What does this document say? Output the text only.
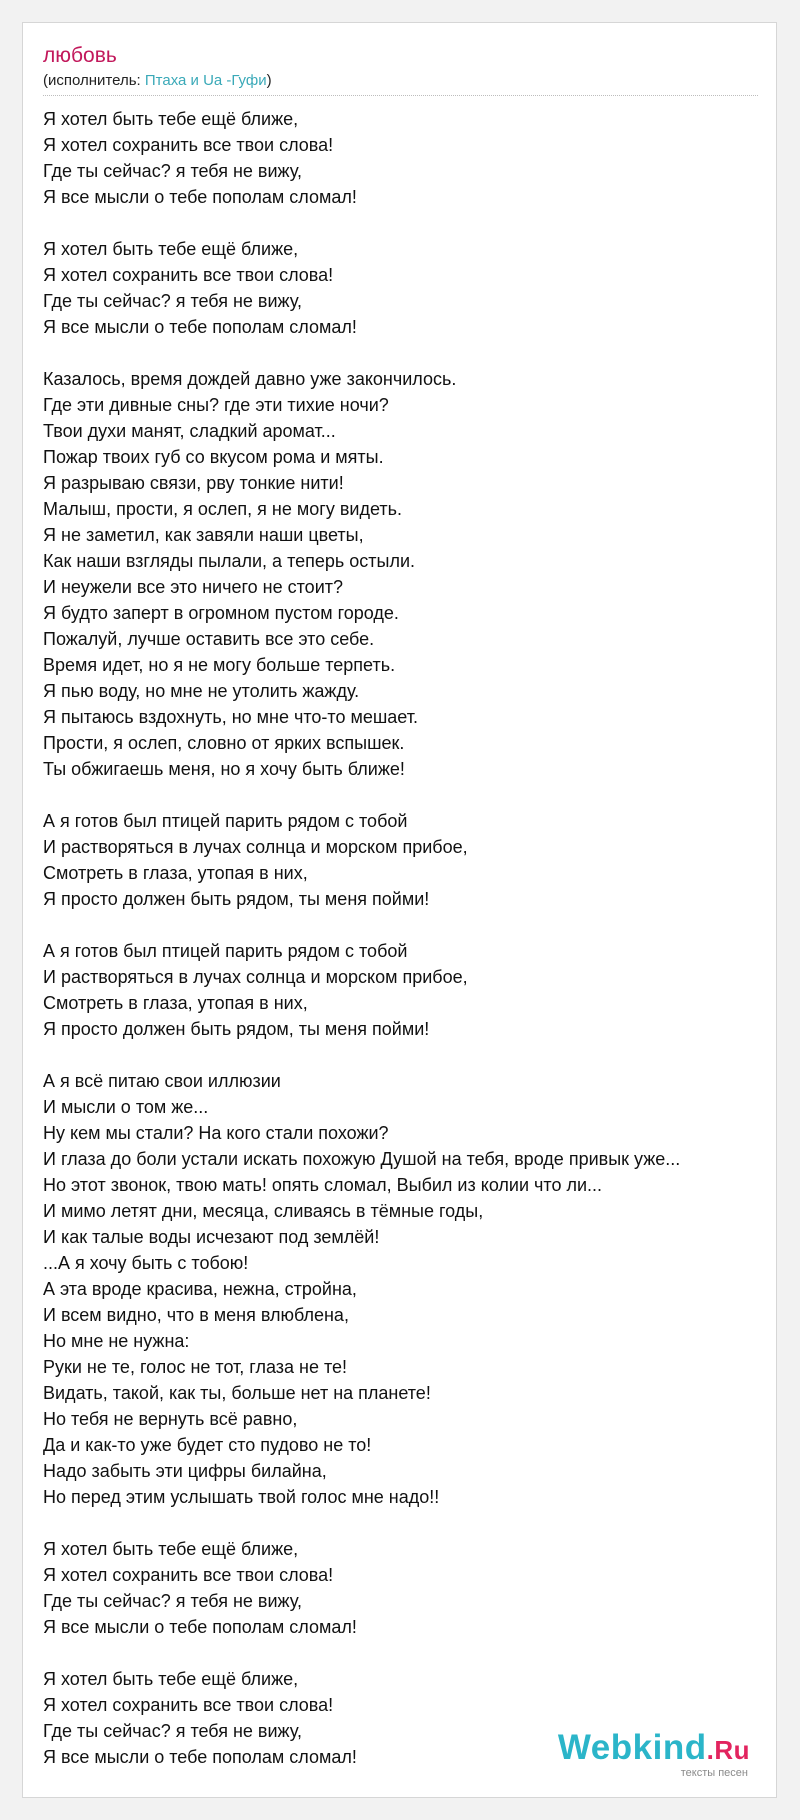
любовь
(исполнитель: Птаха и Ua -Гуфи)
Я хотел быть тебе ещё ближе,
Я хотел сохранить все твои слова!
Где ты сейчас? я тебя не вижу,
Я все мысли о тебе пополам сломал!

Я хотел быть тебе ещё ближе,
Я хотел сохранить все твои слова!
Где ты сейчас? я тебя не вижу,
Я все мысли о тебе пополам сломал!

Казалось, время дождей давно уже закончилось.
Где эти дивные сны? где эти тихие ночи?
Твои духи манят, сладкий аромат...
Пожар твоих губ со вкусом рома и мяты.
Я разрываю связи, рву тонкие нити!
Малыш, прости, я ослеп, я не могу видеть.
Я не заметил, как завяли наши цветы,
Как наши взгляды пылали, а теперь остыли.
И неужели все это ничего не стоит?
Я будто заперт в огромном пустом городе.
Пожалуй, лучше оставить все это себе.
Время идет, но я не могу больше терпеть.
Я пью воду, но мне не утолить жажду.
Я пытаюсь вздохнуть, но мне что-то мешает.
Прости, я ослеп, словно от ярких вспышек.
Ты обжигаешь меня, но я хочу быть ближе!

А я готов был птицей парить рядом с тобой
И растворяться в лучах солнца и морском прибое,
Смотреть в глаза, утопая в них,
Я просто должен быть рядом, ты меня пойми!

А я готов был птицей парить рядом с тобой
И растворяться в лучах солнца и морском прибое,
Смотреть в глаза, утопая в них,
Я просто должен быть рядом, ты меня пойми!

А я всё питаю свои иллюзии
И мысли о том же...
Ну кем мы стали? На кого стали похожи?
И глаза до боли устали искать похожую Душой на тебя, вроде привык уже...
Но этот звонок, твою мать! опять сломал, Выбил из колии что ли...
И мимо летят дни, месяца, сливаясь в тёмные годы,
И как талые воды исчезают под землёй!
...А я хочу быть с тобою!
А эта вроде красива, нежна, стройна,
И всем видно, что в меня влюблена,
Но мне не нужна:
Руки не те, голос не тот, глаза не те!
Видать, такой, как ты, больше нет на планете!
Но тебя не вернуть всё равно,
Да и как-то уже будет сто пудово не то!
Надо забыть эти цифры билайна,
Но перед этим услышать твой голос мне надо!!

Я хотел быть тебе ещё ближе,
Я хотел сохранить все твои слова!
Где ты сейчас? я тебя не вижу,
Я все мысли о тебе пополам сломал!

Я хотел быть тебе ещё ближе,
Я хотел сохранить все твои слова!
Где ты сейчас? я тебя не вижу,
Я все мысли о тебе пополам сломал!	Webkind.Ru
тексты песен
